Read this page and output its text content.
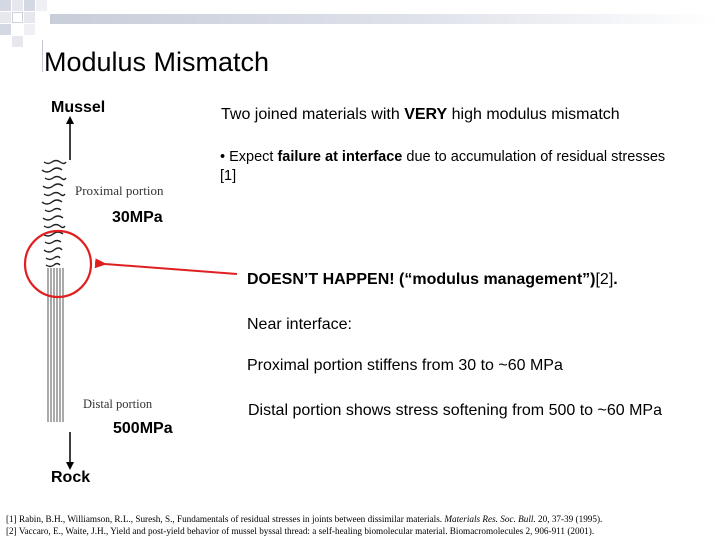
Modulus Mismatch
Proximal portion
Distal portion
Mussel
Rock
30MPa
500MPa
Two joined materials with VERY high modulus mismatch
• Expect failure at interface due to accumulation of residual stresses [1]
DOESN’T HAPPEN! (“modulus management”)[2].
Near interface:
Proximal portion stiffens from 30 to ~60 MPa
Distal portion shows stress softening from 500 to ~60 MPa
[1] Rabin, B.H., Williamson, R.L., Suresh, S., Fundamentals of residual stresses in joints between dissimilar materials. Materials Res. Soc. Bull. 20, 37-39 (1995).
[2] Vaccaro, E., Waite, J.H., Yield and post-yield behavior of mussel byssal thread: a self-healing biomolecular material. Biomacromolecules 2, 906-911 (2001).
